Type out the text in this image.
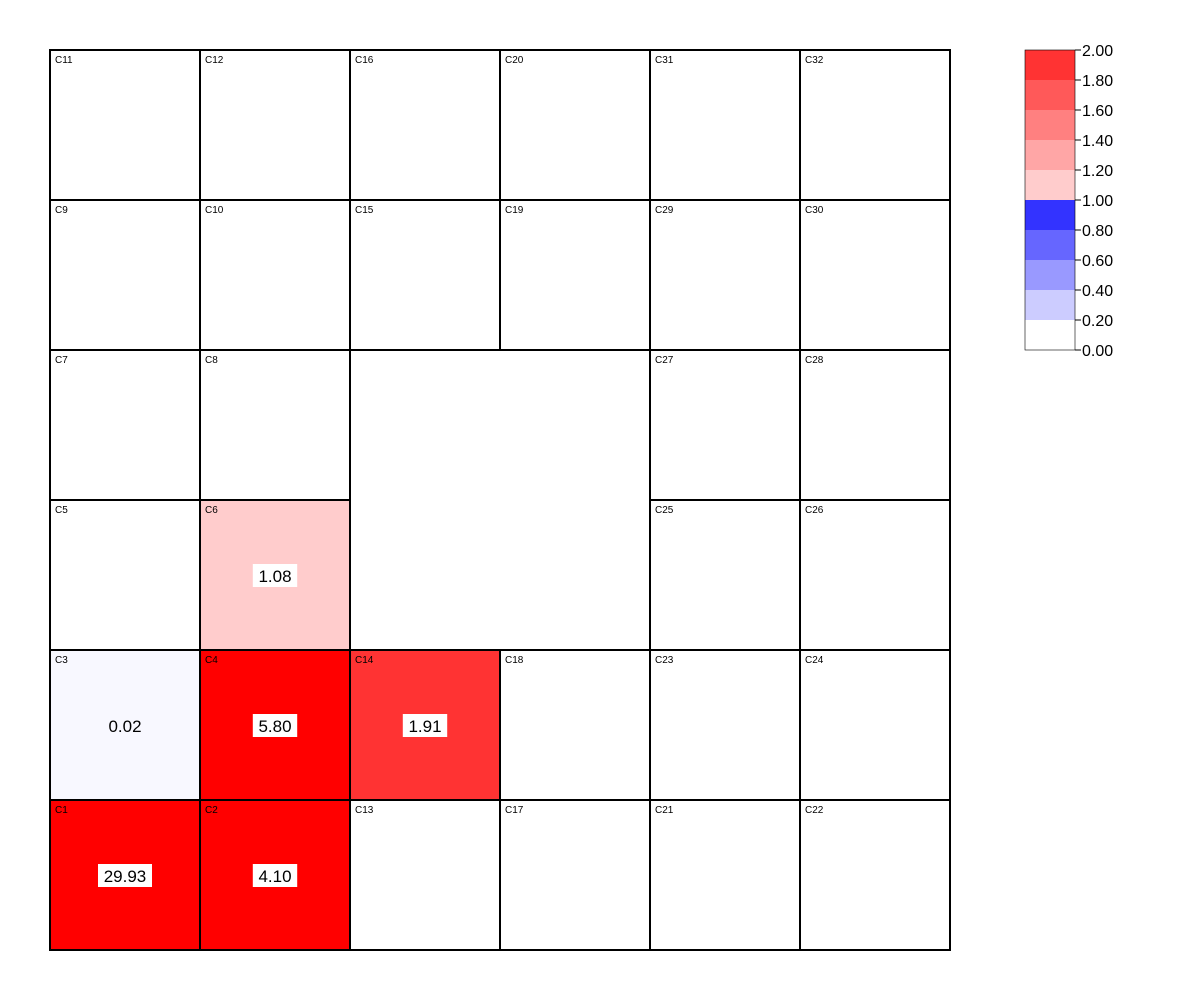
C11	C12	C16	C20	C31	C32
C9	C10	C15	C19	C29	C30
C7	C8	C27	C28
C5	C6
1.08
C25	C26
C3
0.02
C4
5.80
C14
1.91
C18	C23	C24
C1
29.93
C2
4.10
C13	C17	C21	C22
2.00
1.80
1.60
1.40
1.20
1.00
0.80
0.60
0.40
0.20
0.00
